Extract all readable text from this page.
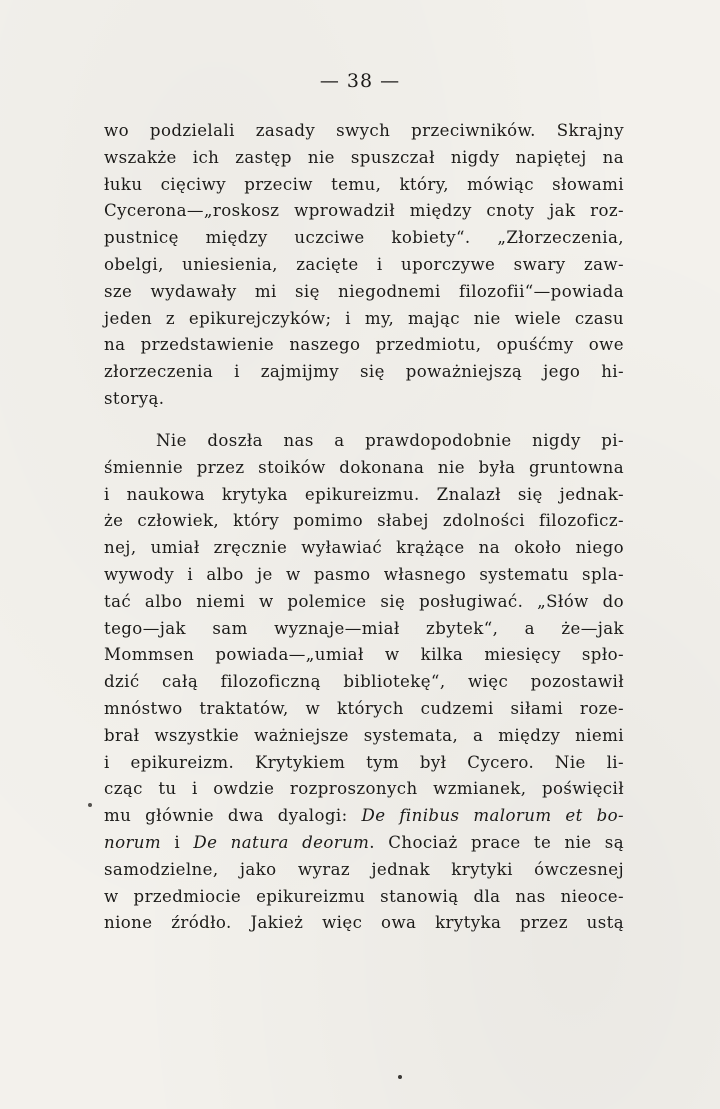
— 38 —
wo podzielali zasady swych przeciwników. Skrajny
wszakże ich zastęp nie spuszczał nigdy napiętej na
łuku cięciwy przeciw temu, który, mówiąc słowami
Cycerona—„roskosz wprowadził między cnoty jak roz-
pustnicę między uczciwe kobiety“. „Złorzeczenia,
obelgi, uniesienia, zacięte i uporczywe swary zaw-
sze wydawały mi się niegodnemi filozofii“—powiada
jeden z epikurejczyków; i my, mając nie wiele czasu
na przedstawienie naszego przedmiotu, opuśćmy owe
złorzeczenia i zajmijmy się poważniejszą jego hi-
storyą.
Nie doszła nas a prawdopodobnie nigdy pi-
śmiennie przez stoików dokonana nie była gruntowna
i naukowa krytyka epikureizmu. Znalazł się jednak-
że człowiek, który pomimo słabej zdolności filozoficz-
nej, umiał zręcznie wyławiać krążące na około niego
wywody i albo je w pasmo własnego systematu spla-
tać albo niemi w polemice się posługiwać. „Słów do
tego—jak sam wyznaje—miał zbytek“, a że—jak
Mommsen powiada—„umiał w kilka miesięcy spło-
dzić całą filozoficzną bibliotekę“, więc pozostawił
mnóstwo traktatów, w których cudzemi siłami roze-
brał wszystkie ważniejsze systemata, a między niemi
i epikureizm. Krytykiem tym był Cycero. Nie li-
cząc tu i owdzie rozproszonych wzmianek, poświęcił
mu głównie dwa dyalogi: De finibus malorum et bo-
norum i De natura deorum. Chociaż prace te nie są
samodzielne, jako wyraz jednak krytyki ówczesnej
w przedmiocie epikureizmu stanowią dla nas nieoce-
nione źródło. Jakież więc owa krytyka przez ustą
